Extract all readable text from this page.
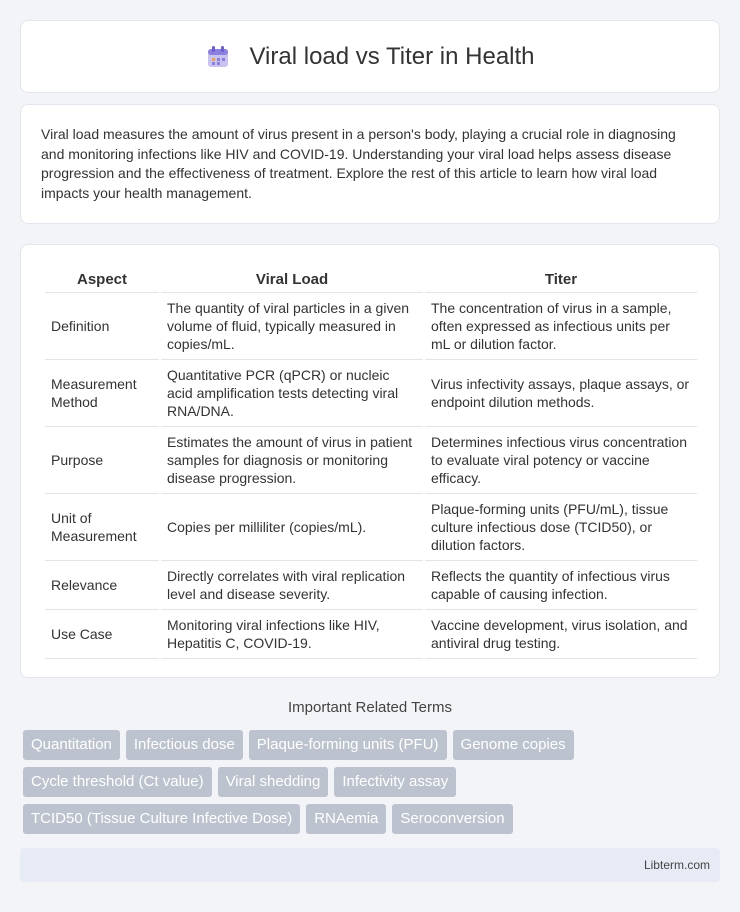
Viral load vs Titer in Health

Viral load measures the amount of virus present in a person's body, playing a crucial role in diagnosing and monitoring infections like HIV and COVID-19. Understanding your viral load helps assess disease progression and the effectiveness of treatment. Explore the rest of this article to learn how viral load impacts your health management.

Aspect	Viral Load	Titer
Definition	The quantity of viral particles in a given volume of fluid, typically measured in copies/mL.	The concentration of virus in a sample, often expressed as infectious units per mL or dilution factor.
Measurement Method	Quantitative PCR (qPCR) or nucleic acid amplification tests detecting viral RNA/DNA.	Virus infectivity assays, plaque assays, or endpoint dilution methods.
Purpose	Estimates the amount of virus in patient samples for diagnosis or monitoring disease progression.	Determines infectious virus concentration to evaluate viral potency or vaccine efficacy.
Unit of Measurement	Copies per milliliter (copies/mL).	Plaque-forming units (PFU/mL), tissue culture infectious dose (TCID50), or dilution factors.
Relevance	Directly correlates with viral replication level and disease severity.	Reflects the quantity of infectious virus capable of causing infection.
Use Case	Monitoring viral infections like HIV, Hepatitis C, COVID-19.	Vaccine development, virus isolation, and antiviral drug testing.
Important Related Terms
Quantitation	Infectious dose	Plaque-forming units (PFU)	Genome copies
Cycle threshold (Ct value)	Viral shedding	Infectivity assay
TCID50 (Tissue Culture Infective Dose)	RNAemia	Seroconversion
Libterm.com
